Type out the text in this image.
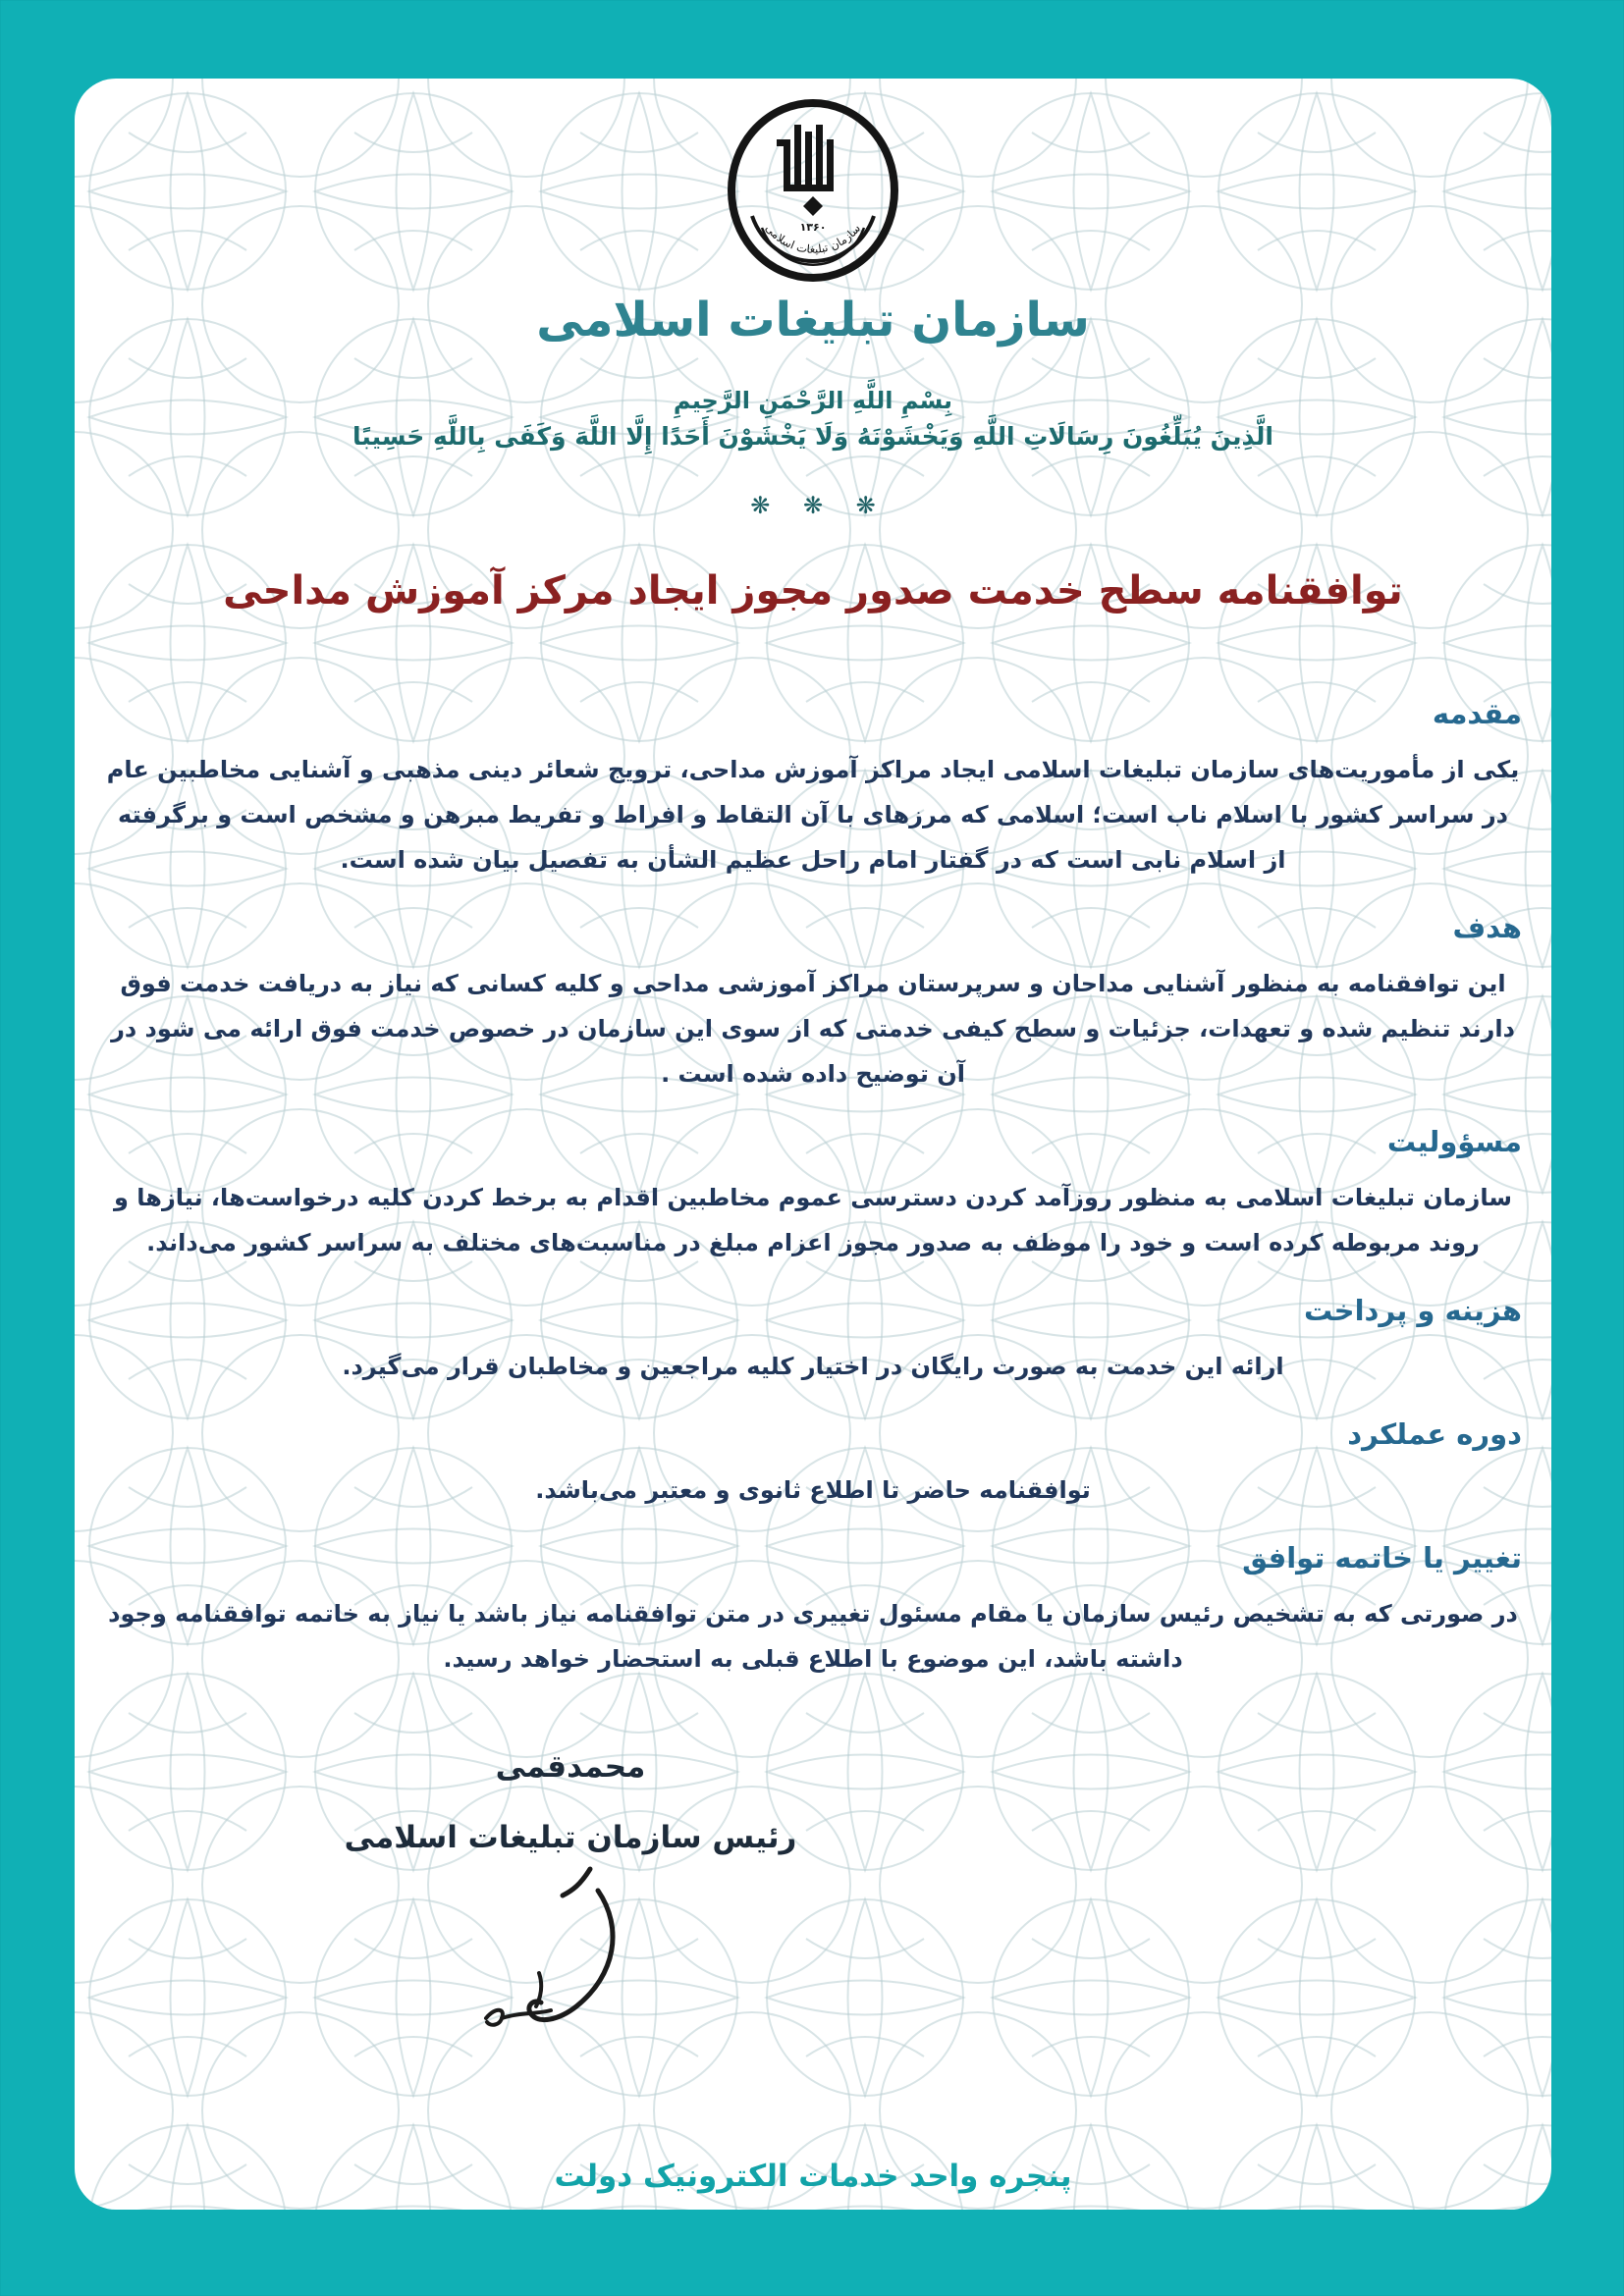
۱۳۶۰
سازمان تبلیغات اسلامی
سازمان تبلیغات اسلامی
بِسْمِ اللَّهِ الرَّحْمَنِ الرَّحِيمِ
الَّذِينَ يُبَلِّغُونَ رِسَالَاتِ اللَّهِ وَيَخْشَوْنَهُ وَلَا يَخْشَوْنَ أَحَدًا إِلَّا اللَّهَ وَكَفَى بِاللَّهِ حَسِيبًا
❋ ❋ ❋
توافقنامه سطح خدمت صدور مجوز ایجاد مرکز آموزش مداحی
مقدمه

یکی از مأموریت‌های سازمان تبلیغات اسلامی ایجاد مراکز آموزش مداحی، ترویج شعائر دینی مذهبی و آشنایی مخاطبین عام در سراسر کشور با اسلام ناب است؛ اسلامی که مرزهای با آن التقاط و افراط و تفریط مبرهن و مشخص است و برگرفته از اسلام نابی است که در گفتار امام راحل عظیم الشأن به تفصیل بیان شده است.

هدف

این توافقنامه به منظور آشنایی مداحان و سرپرستان مراکز آموزشی مداحی و کلیه کسانی که نیاز به دریافت خدمت فوق دارند تنظیم شده و تعهدات، جزئیات و سطح کیفی خدمتی که از سوی این سازمان در خصوص خدمت فوق ارائه می شود در آن توضیح داده شده است .

مسؤولیت

سازمان تبلیغات اسلامی به منظور روزآمد کردن دسترسی عموم مخاطبین اقدام به برخط کردن کلیه درخواست‌ها، نیازها و روند مربوطه کرده است و خود را موظف به صدور مجوز اعزام مبلغ در مناسبت‌های مختلف به سراسر کشور می‌داند.

هزینه و پرداخت

ارائه این خدمت به صورت رایگان در اختیار کلیه مراجعین و مخاطبان قرار می‌گیرد.

دوره عملکرد

توافقنامه حاضر تا اطلاع ثانوی و معتبر می‌باشد.

تغییر یا خاتمه توافق

در صورتی که به تشخیص رئیس سازمان یا مقام مسئول تغییری در متن توافقنامه نیاز باشد یا نیاز به خاتمه توافقنامه وجود داشته باشد، این موضوع با اطلاع قبلی به استحضار خواهد رسید.

محمدقمی
رئیس سازمان تبلیغات اسلامی
پنجره واحد خدمات الکترونیک دولت
